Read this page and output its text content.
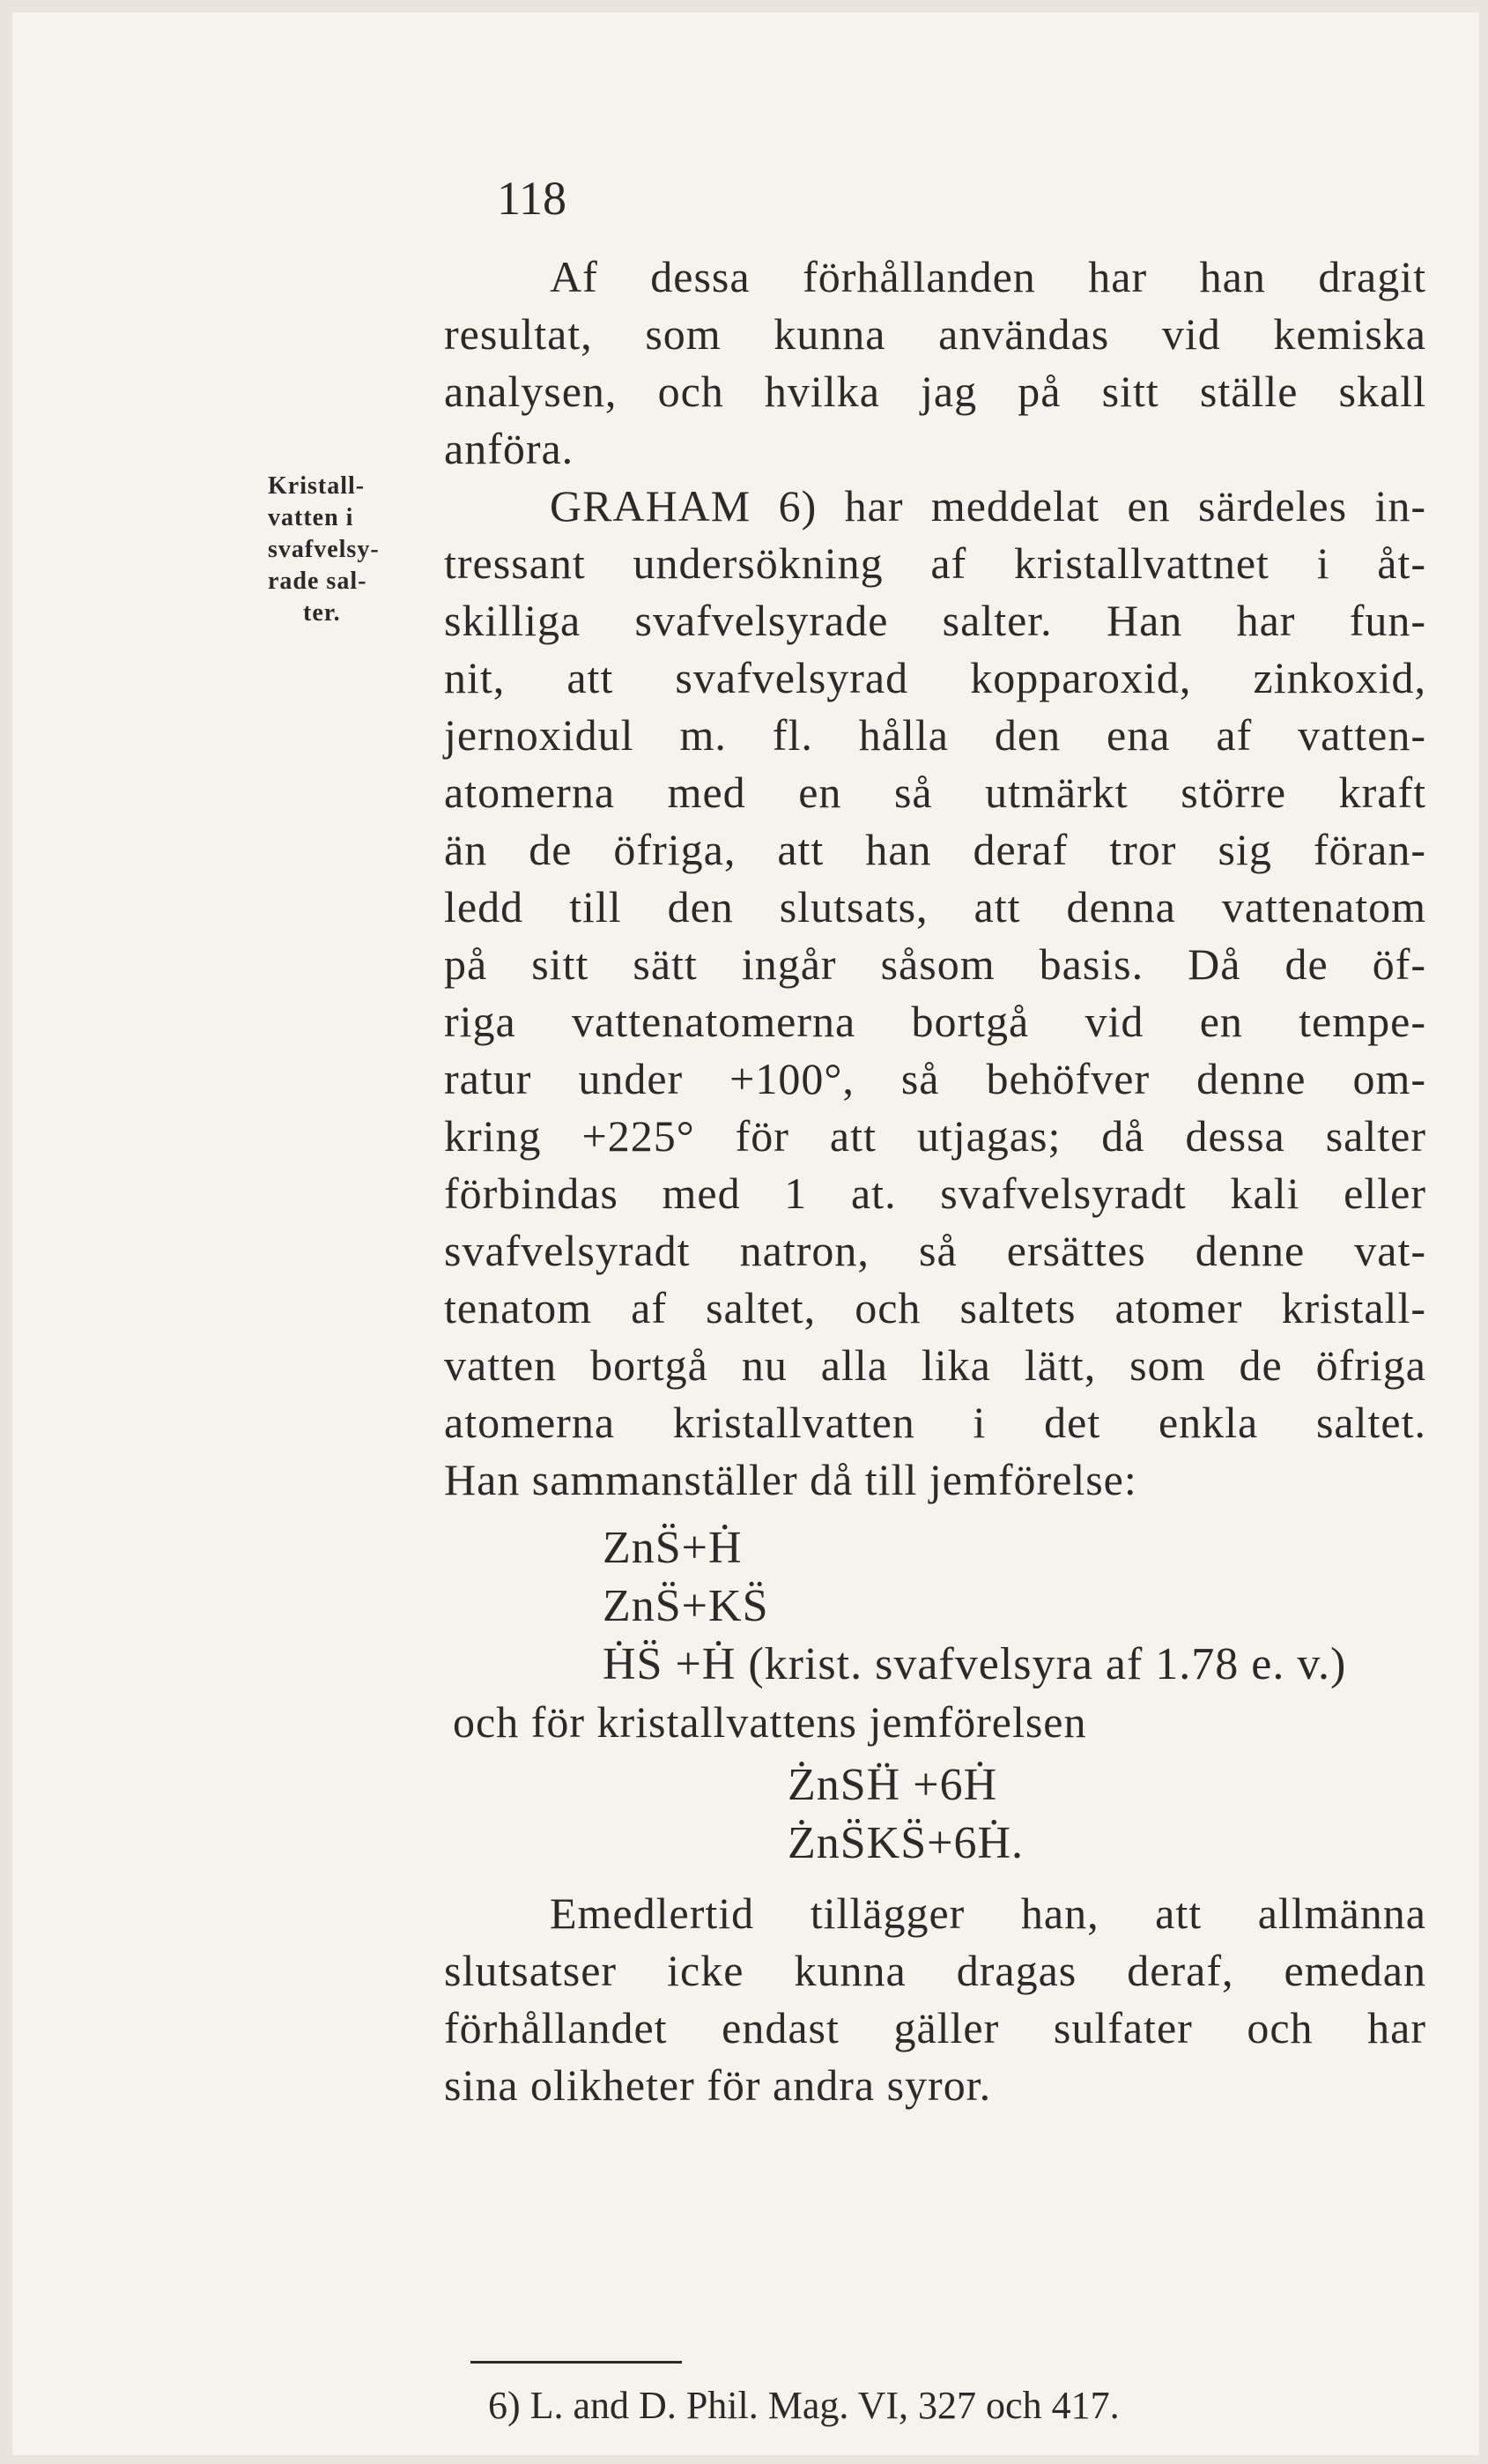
118
Kristall-
vatten i
svafvelsy-
rade sal-
ter.
Af dessa förhållanden har han dragit
resultat, som kunna användas vid kemiska
analysen, och hvilka jag på sitt ställe skall
anföra.
GRAHAM 6) har meddelat en särdeles in-
tressant undersökning af kristallvattnet i åt-
skilliga svafvelsyrade salter. Han har fun-
nit, att svafvelsyrad kopparoxid, zinkoxid,
jernoxidul m. fl. hålla den ena af vatten-
atomerna med en så utmärkt större kraft
än de öfriga, att han deraf tror sig föran-
ledd till den slutsats, att denna vattenatom
på sitt sätt ingår såsom basis. Då de öf-
riga vattenatomerna bortgå vid en tempe-
ratur under +100°, så behöfver denne om-
kring +225° för att utjagas; då dessa salter
förbindas med 1 at. svafvelsyradt kali eller
svafvelsyradt natron, så ersättes denne vat-
tenatom af saltet, och saltets atomer kristall-
vatten bortgå nu alla lika lätt, som de öfriga
atomerna kristallvatten i det enkla saltet.
Han sammanställer då till jemförelse:
ZnS̈+Ḣ
ZnS̈+KS̈
ḢS̈ +Ḣ (krist. svafvelsyra af 1.78 e. v.)
och för kristallvattens jemförelsen
ŻnSḦ +6Ḣ
ŻnS̈KS̈+6Ḣ.
Emedlertid tillägger han, att allmänna
slutsatser icke kunna dragas deraf, emedan
förhållandet endast gäller sulfater och har
sina olikheter för andra syror.
6) L. and D. Phil. Mag. VI, 327 och 417.
